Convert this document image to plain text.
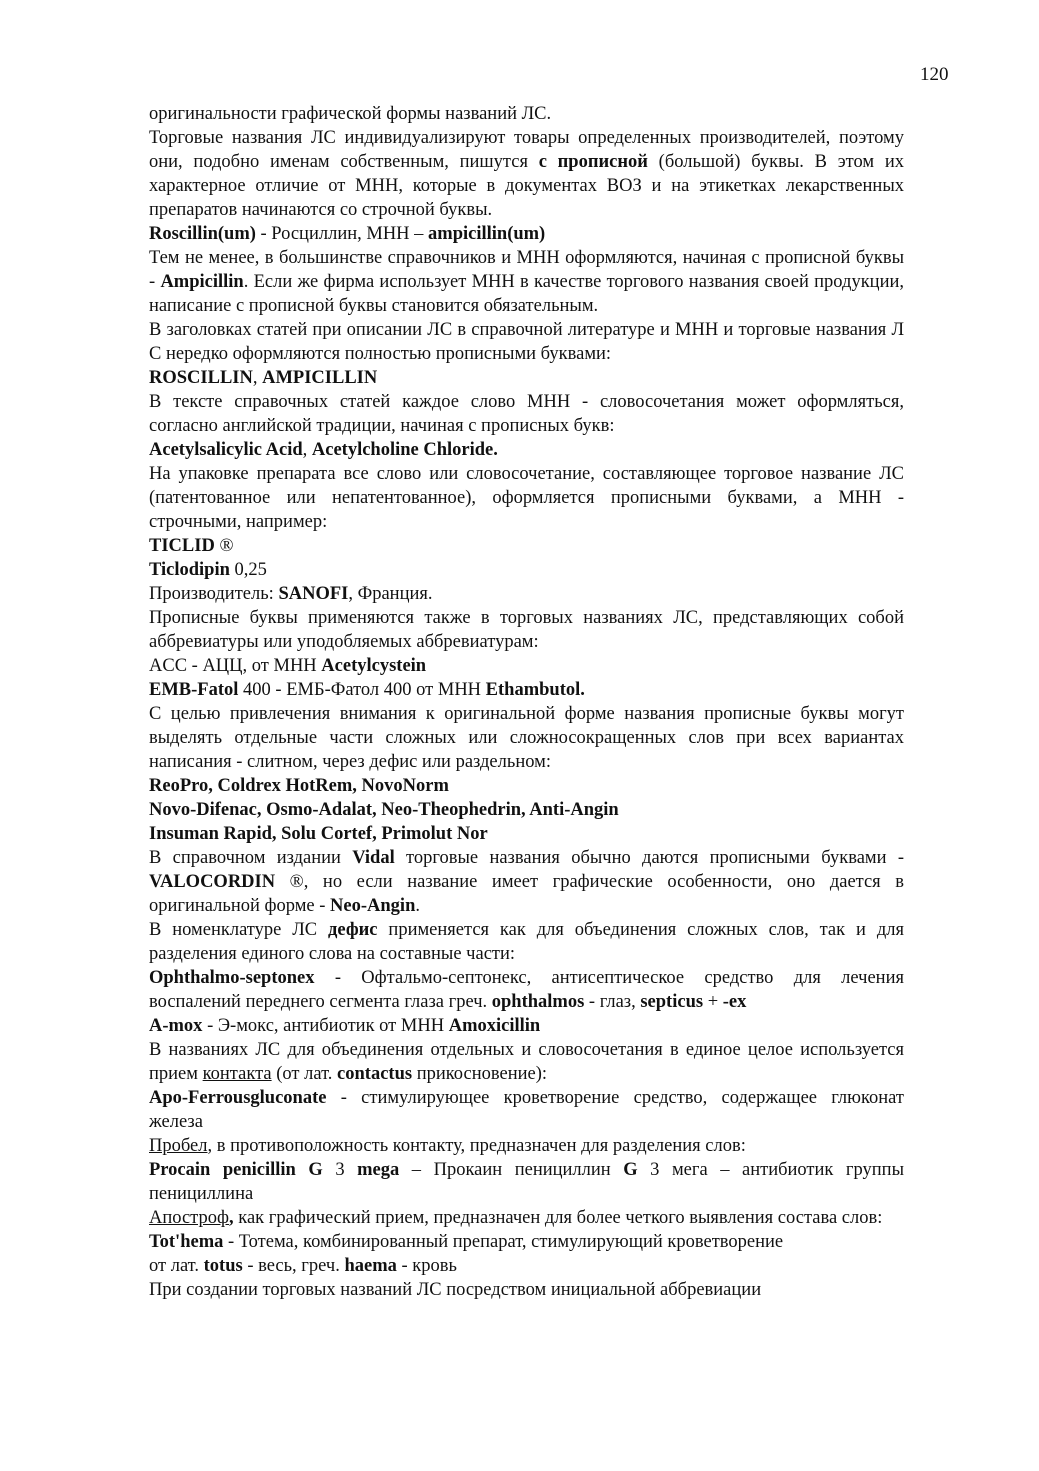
120

оригинальности графической формы названий ЛС.

Торговые названия ЛС индивидуализируют товары определенных производителей, поэтому они, подобно именам собственным, пишутся с прописной (большой) буквы. В этом их характерное отличие от МНН, которые в документах ВОЗ и на этикетках лекарственных препаратов начинаются со строчной буквы.

Roscillin(um) - Росциллин, МНН – ampicillin(um)

Тем не менее, в большинстве справочников и МНН оформляются, начиная с прописной буквы - Ampicillin. Если же фирма использует МНН в качестве торгового названия своей продукции, написание с прописной буквы становится обязательным.

В заголовках статей при описании ЛС в справочной литературе и МНН и торговые названия Л С нередко оформляются полностью прописными буквами:

ROSCILLIN, AMPICILLIN

В тексте справочных статей каждое слово МНН - словосочетания может оформляться, согласно английской традиции, начиная с прописных букв:

Acetylsalicylic Acid, Acetylcholine Chloride.

На упаковке препарата все слово или словосочетание, составляющее торговое название ЛС (патентованное или непатентованное), оформляется прописными буквами, а МНН - строчными, например:

TICLID ®

Ticlodipin 0,25

Производитель: SANOFI, Франция.

Прописные буквы применяются также в торговых названиях ЛС, представляющих собой аббревиатуры или уподобляемых аббревиатурам:

ACC - АЦЦ, от МНН Acetylcystein

EMB-Fatol 400 - ЕМБ-Фатол 400 от МНН Ethambutol.

С целью привлечения внимания к оригинальной форме названия прописные буквы могут выделять отдельные части сложных или сложносокращенных слов при всех вариантах написания - слитном, через дефис или раздельном:

ReoPro, Coldrex HotRem, NovoNorm

Novo-Difenac, Osmo-Adalat, Neo-Theophedrin, Anti-Angin

Insuman Rapid, Solu Cortef, Primolut Nor

В справочном издании Vidal торговые названия обычно даются прописными буквами - VALOCORDIN ®, но если название имеет графические особенности, оно дается в оригинальной форме - Neo-Angin.

В номенклатуре ЛС дефис применяется как для объединения сложных слов, так и для разделения единого слова на составные части:

Ophthalmo-septonex - Офтальмо-септонекс, антисептическое средство для лечения воспалений переднего сегмента глаза греч. ophthalmos - глаз, septicus + -ex

A-mox - Э-мокс, антибиотик от МНН Amoxicillin

В названиях ЛС для объединения отдельных и словосочетания в единое целое используется прием контакта (от лат. contactus прикосновение):

Apo-Ferrousgluconate - стимулирующее кроветворение средство, содержащее глюконат железа

Пробел, в противоположность контакту, предназначен для разделения слов:

Procain penicillin G 3 mega – Прокаин пенициллин G 3 мега – антибиотик группы пенициллина

Апостроф, как графический прием, предназначен для более четкого выявления состава слов:

Tot'hema - Тотема, комбинированный препарат, стимулирующий кроветворение

от лат. totus - весь, греч. haema - кровь

При создании торговых названий ЛС посредством инициальной аббревиации
